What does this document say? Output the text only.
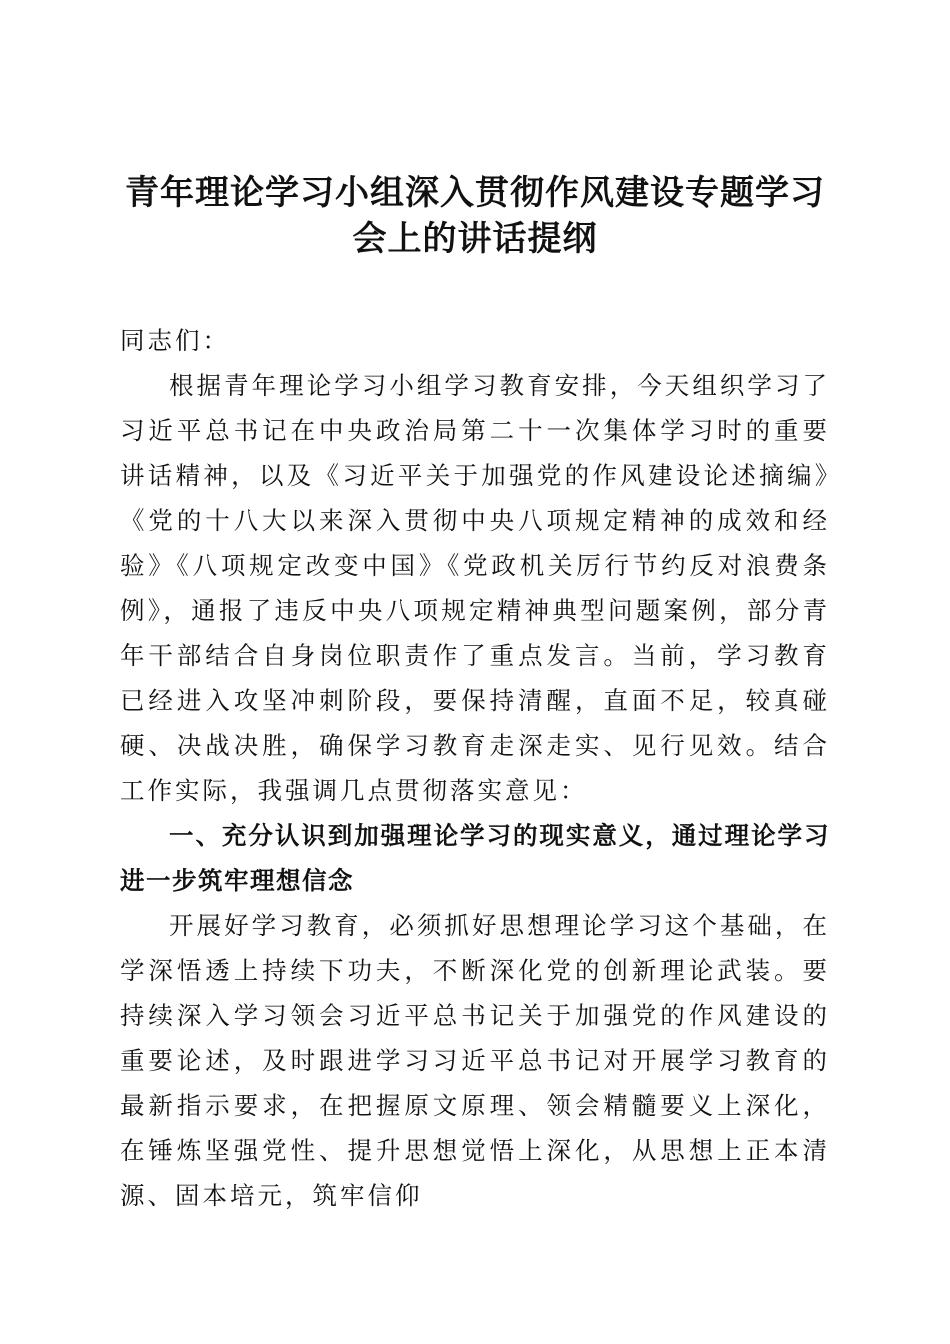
青年理论学习小组深入贯彻作风建设专题学习
会上的讲话提纲

同志们：

根据青年理论学习小组学习教育安排，今天组织学习了习近平总书记在中央政治局第二十一次集体学习时的重要讲话精神，以及《习近平关于加强党的作风建设论述摘编》《党的十八大以来深入贯彻中央八项规定精神的成效和经验》《八项规定改变中国》《党政机关厉行节约反对浪费条例》，通报了违反中央八项规定精神典型问题案例，部分青年干部结合自身岗位职责作了重点发言。当前，学习教育已经进入攻坚冲刺阶段，要保持清醒，直面不足，较真碰硬、决战决胜，确保学习教育走深走实、见行见效。结合工作实际，我强调几点贯彻落实意见：

一、充分认识到加强理论学习的现实意义，通过理论学习进一步筑牢理想信念

开展好学习教育，必须抓好思想理论学习这个基础，在学深悟透上持续下功夫，不断深化党的创新理论武装。要持续深入学习领会习近平总书记关于加强党的作风建设的重要论述，及时跟进学习习近平总书记对开展学习教育的最新指示要求，在把握原文原理、领会精髓要义上深化，在锤炼坚强党性、提升思想觉悟上深化，从思想上正本清源、固本培元，筑牢信仰
